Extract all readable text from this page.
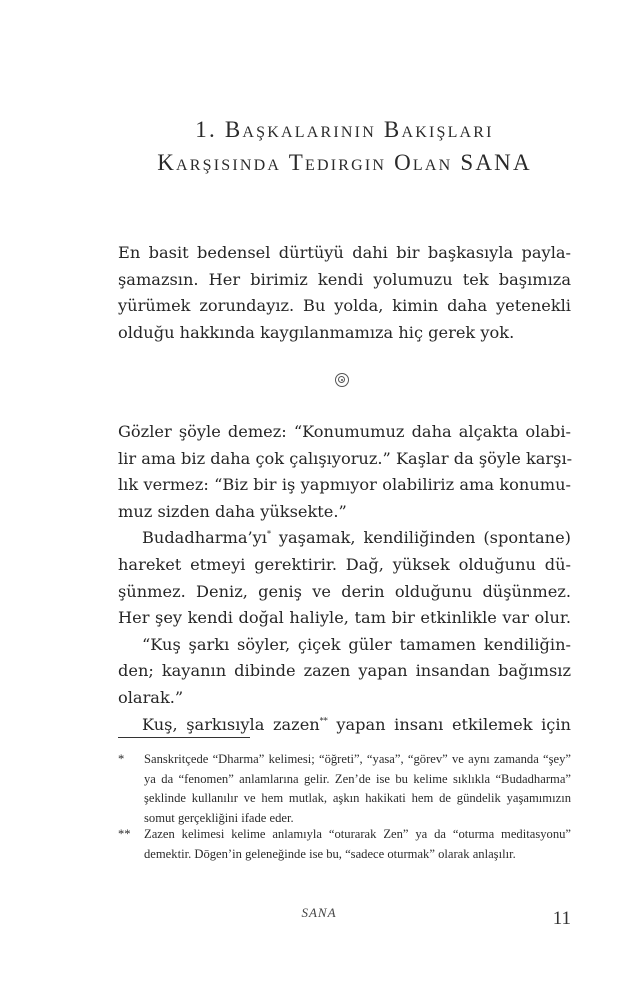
1. Başkalarının Bakışları
Karşısında Tedirgin Olan SANA
En basit bedensel dürtüyü dahi bir başkasıyla payla-
şamazsın. Her birimiz kendi yolumuzu tek başımıza
yürümek zorundayız. Bu yolda, kimin daha yetenekli
olduğu hakkında kaygılanmamıza hiç gerek yok.
Gözler şöyle demez: “Konumumuz daha alçakta olabi-
lir ama biz daha çok çalışıyoruz.” Kaşlar da şöyle karşı-
lık vermez: “Biz bir iş yapmıyor olabiliriz ama konumu-
muz sizden daha yüksekte.”
Budadharma’yı* yaşamak, kendiliğinden (spontane)
hareket etmeyi gerektirir. Dağ, yüksek olduğunu dü-
şünmez. Deniz, geniş ve derin olduğunu düşünmez.
Her şey kendi doğal haliyle, tam bir etkinlikle var olur.
“Kuş şarkı söyler, çiçek güler tamamen kendiliğin-
den; kayanın dibinde zazen yapan insandan bağımsız
olarak.”
Kuş, şarkısıyla zazen** yapan insanı etkilemek için
* Sanskritçede “Dharma” kelimesi; “öğreti”, “yasa”, “görev” ve aynı zamanda “şey” ya da “fenomen” anlamlarına gelir. Zen’de ise bu kelime sıklıkla “Budadharma” şeklinde kullanılır ve hem mutlak, aşkın hakikati hem de gündelik yaşamımızın somut gerçekliğini ifade eder.
** Zazen kelimesi kelime anlamıyla “oturarak Zen” ya da “oturma meditasyonu” demektir. Dōgen’in geleneğinde ise bu, “sadece oturmak” olarak anlaşılır.
SANA	11
